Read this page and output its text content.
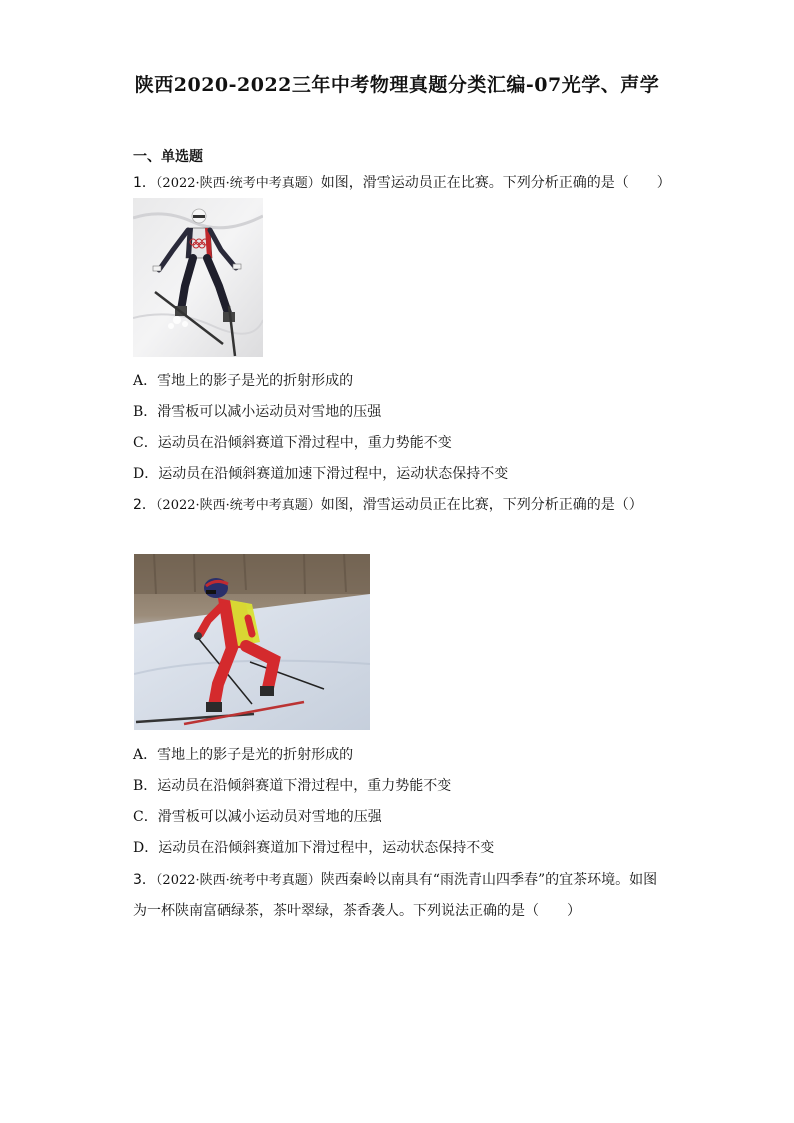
陕西2020-2022三年中考物理真题分类汇编-07光学、声学
一、单选题
1．（2022·陕西·统考中考真题）如图，滑雪运动员正在比赛。下列分析正确的是（　　）
A．雪地上的影子是光的折射形成的
B．滑雪板可以减小运动员对雪地的压强
C．运动员在沿倾斜赛道下滑过程中，重力势能不变
D．运动员在沿倾斜赛道加速下滑过程中，运动状态保持不变
2．（2022·陕西·统考中考真题）如图，滑雪运动员正在比赛，下列分析正确的是（）
A．雪地上的影子是光的折射形成的
B．运动员在沿倾斜赛道下滑过程中，重力势能不变
C．滑雪板可以减小运动员对雪地的压强
D．运动员在沿倾斜赛道加下滑过程中，运动状态保持不变
3．（2022·陕西·统考中考真题）陕西秦岭以南具有“雨洗青山四季春”的宜茶环境。如图
为一杯陕南富硒绿茶，茶叶翠绿，茶香袭人。下列说法正确的是（　　）
